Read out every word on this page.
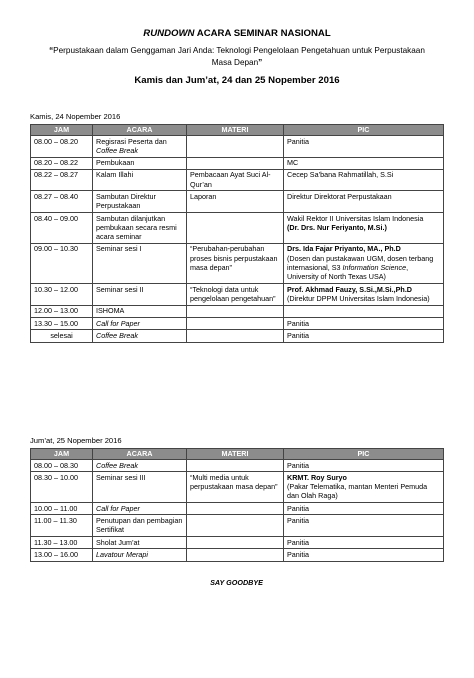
RUNDOWN ACARA SEMINAR NASIONAL
“Perpustakaan dalam Genggaman Jari Anda: Teknologi Pengelolaan Pengetahuan untuk Perpustakaan Masa Depan”
Kamis dan Jum’at, 24 dan 25 Nopember 2016
Kamis, 24 Nopember 2016
JAM	ACARA	MATERI	PIC
08.00 – 08.20	Regisrasi Peserta dan Coffee Break		Panitia
08.20 – 08.22	Pembukaan		MC
08.22 – 08.27	Kalam Illahi	Pembacaan Ayat Suci Al-Qur’an	Cecep Sa’bana Rahmatillah, S.Si
08.27 – 08.40	Sambutan Direktur Perpustakaan	Laporan	Direktur Direktorat Perpustakaan
08.40 – 09.00	Sambutan dilanjutkan pembukaan secara resmi acara seminar		Wakil Rektor II Universitas Islam Indonesia
(Dr. Drs. Nur Feriyanto, M.Si.)
09.00 – 10.30	Seminar sesi I	“Perubahan-perubahan proses bisnis perpustakaan masa depan”	Drs. Ida Fajar Priyanto, MA., Ph.D
(Dosen dan pustakawan UGM, dosen terbang internasional, S3 Information Science, University of North Texas USA)
10.30 – 12.00	Seminar sesi II	“Teknologi data untuk pengelolaan pengetahuan”	Prof. Akhmad Fauzy, S.Si.,M.Si.,Ph.D
(Direktur DPPM Universitas Islam Indonesia)
12.00 – 13.00	ISHOMA		
13.30 – 15.00	Call for Paper		Panitia
selesai	Coffee Break		Panitia
Jum’at, 25 Nopember 2016
JAM	ACARA	MATERI	PIC
08.00 – 08.30	Coffee Break		Panitia
08.30 – 10.00	Seminar sesi III	“Multi media untuk perpustakaan masa depan”	KRMT. Roy Suryo
(Pakar Telematika, mantan Menteri Pemuda dan Olah Raga)
10.00 – 11.00	Call for Paper		Panitia
11.00 – 11.30	Penutupan dan pembagian Sertifikat		Panitia
11.30 – 13.00	Sholat Jum’at		Panitia
13.00 – 16.00	Lavatour Merapi		Panitia
SAY GOODBYE
